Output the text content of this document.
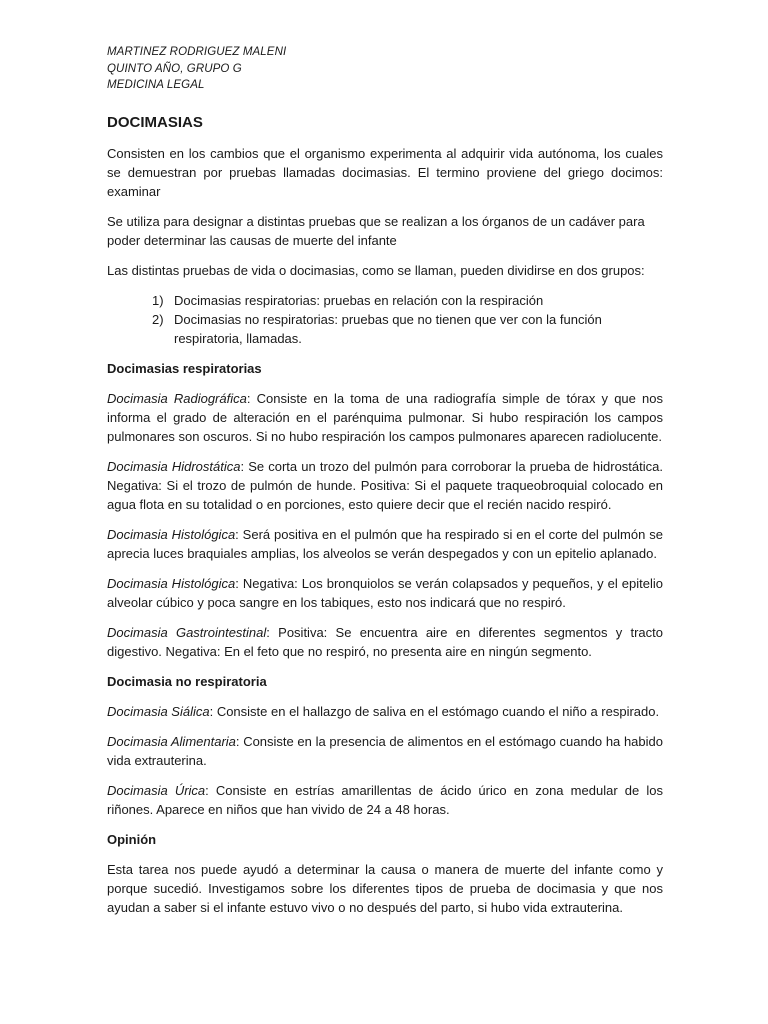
MARTINEZ RODRIGUEZ MALENI
QUINTO AÑO, GRUPO G
MEDICINA LEGAL
DOCIMASIAS

Consisten en los cambios que el organismo experimenta al adquirir vida autónoma, los cuales se demuestran por pruebas llamadas docimasias. El termino proviene del griego docimos: examinar

Se utiliza para designar a distintas pruebas que se realizan a los órganos de un cadáver para poder determinar las causas de muerte del infante

Las distintas pruebas de vida o docimasias, como se llaman, pueden dividirse en dos grupos:

1) Docimasias respiratorias: pruebas en relación con la respiración
2) Docimasias no respiratorias: pruebas que no tienen que ver con la función respiratoria, llamadas.
Docimasias respiratorias

Docimasia Radiográfica: Consiste en la toma de una radiografía simple de tórax y que nos informa el grado de alteración en el parénquima pulmonar. Si hubo respiración los campos pulmonares son oscuros. Si no hubo respiración los campos pulmonares aparecen radiolucente.

Docimasia Hidrostática: Se corta un trozo del pulmón para corroborar la prueba de hidrostática. Negativa: Si el trozo de pulmón de hunde. Positiva: Si el paquete traqueobroquial colocado en agua flota en su totalidad o en porciones, esto quiere decir que el recién nacido respiró.

Docimasia Histológica: Será positiva en el pulmón que ha respirado si en el corte del pulmón se aprecia luces braquiales amplias, los alveolos se verán despegados y con un epitelio aplanado.

Docimasia Histológica: Negativa: Los bronquiolos se verán colapsados y pequeños, y el epitelio alveolar cúbico y poca sangre en los tabiques, esto nos indicará que no respiró.

Docimasia Gastrointestinal: Positiva: Se encuentra aire en diferentes segmentos y tracto digestivo. Negativa: En el feto que no respiró, no presenta aire en ningún segmento.

Docimasia no respiratoria

Docimasia Siálica: Consiste en el hallazgo de saliva en el estómago cuando el niño a respirado.

Docimasia Alimentaria: Consiste en la presencia de alimentos en el estómago cuando ha habido vida extrauterina.

Docimasia Úrica: Consiste en estrías amarillentas de ácido úrico en zona medular de los riñones. Aparece en niños que han vivido de 24 a 48 horas.

Opinión

Esta tarea nos puede ayudó a determinar la causa o manera de muerte del infante como y porque sucedió. Investigamos sobre los diferentes tipos de prueba de docimasia y que nos ayudan a saber si el infante estuvo vivo o no después del parto, si hubo vida extrauterina.
